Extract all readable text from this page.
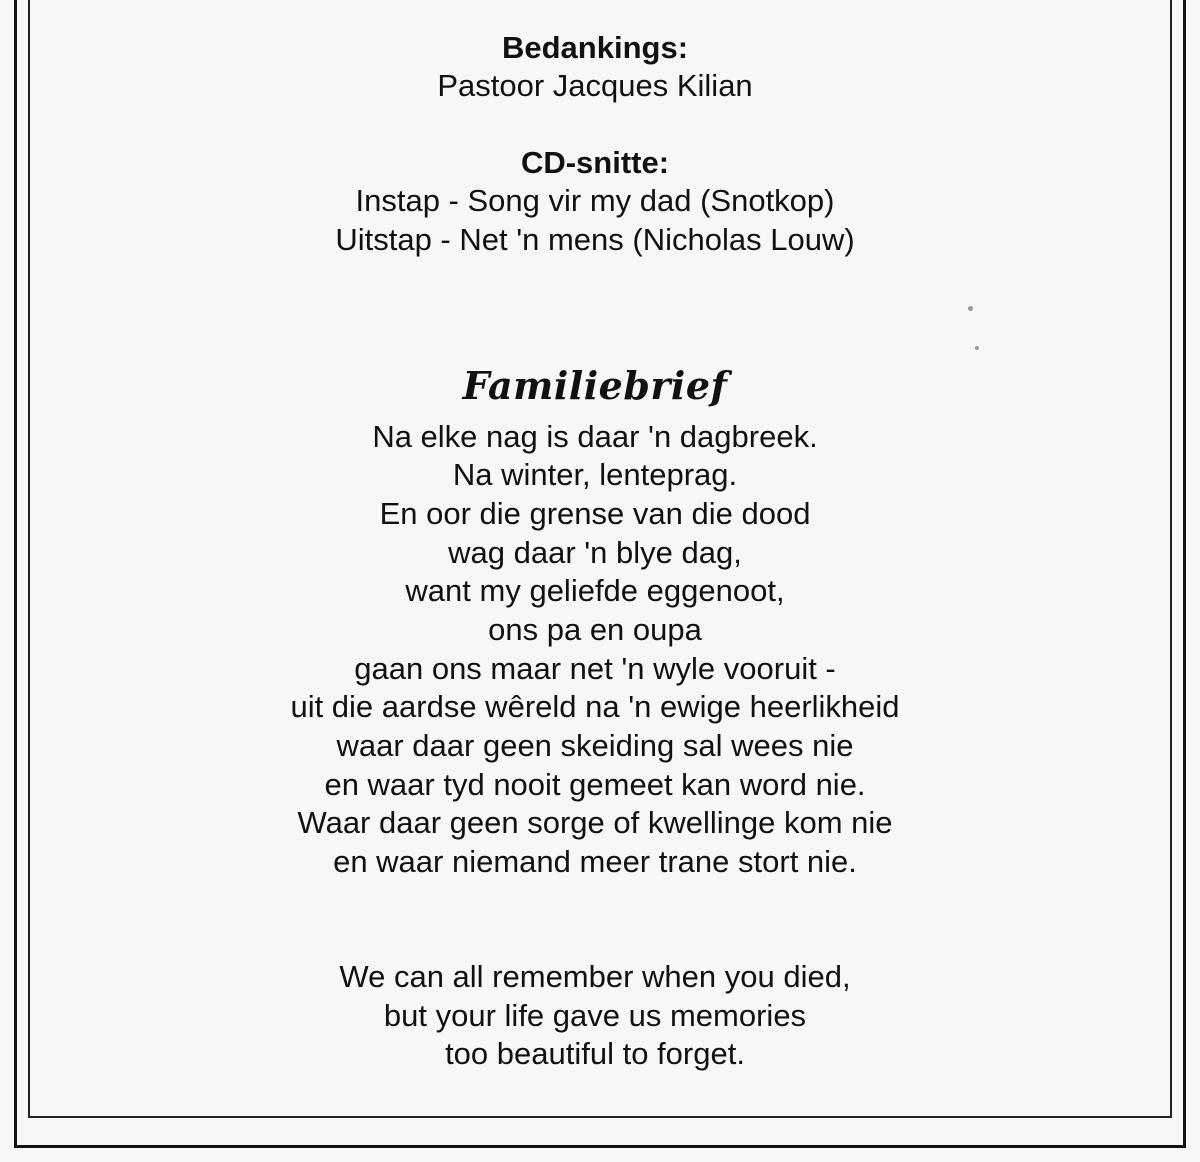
Bedankings:
Pastoor Jacques Kilian
CD-snitte:
Instap - Song vir my dad (Snotkop)
Uitstap - Net 'n mens (Nicholas Louw)
Familiebrief
Na elke nag is daar 'n dagbreek.
Na winter, lenteprag.
En oor die grense van die dood
wag daar 'n blye dag,
want my geliefde eggenoot,
ons pa en oupa
gaan ons maar net 'n wyle vooruit -
uit die aardse wêreld na 'n ewige heerlikheid
waar daar geen skeiding sal wees nie
en waar tyd nooit gemeet kan word nie.
Waar daar geen sorge of kwellinge kom nie
en waar niemand meer trane stort nie.
We can all remember when you died,
but your life gave us memories
too beautiful to forget.
